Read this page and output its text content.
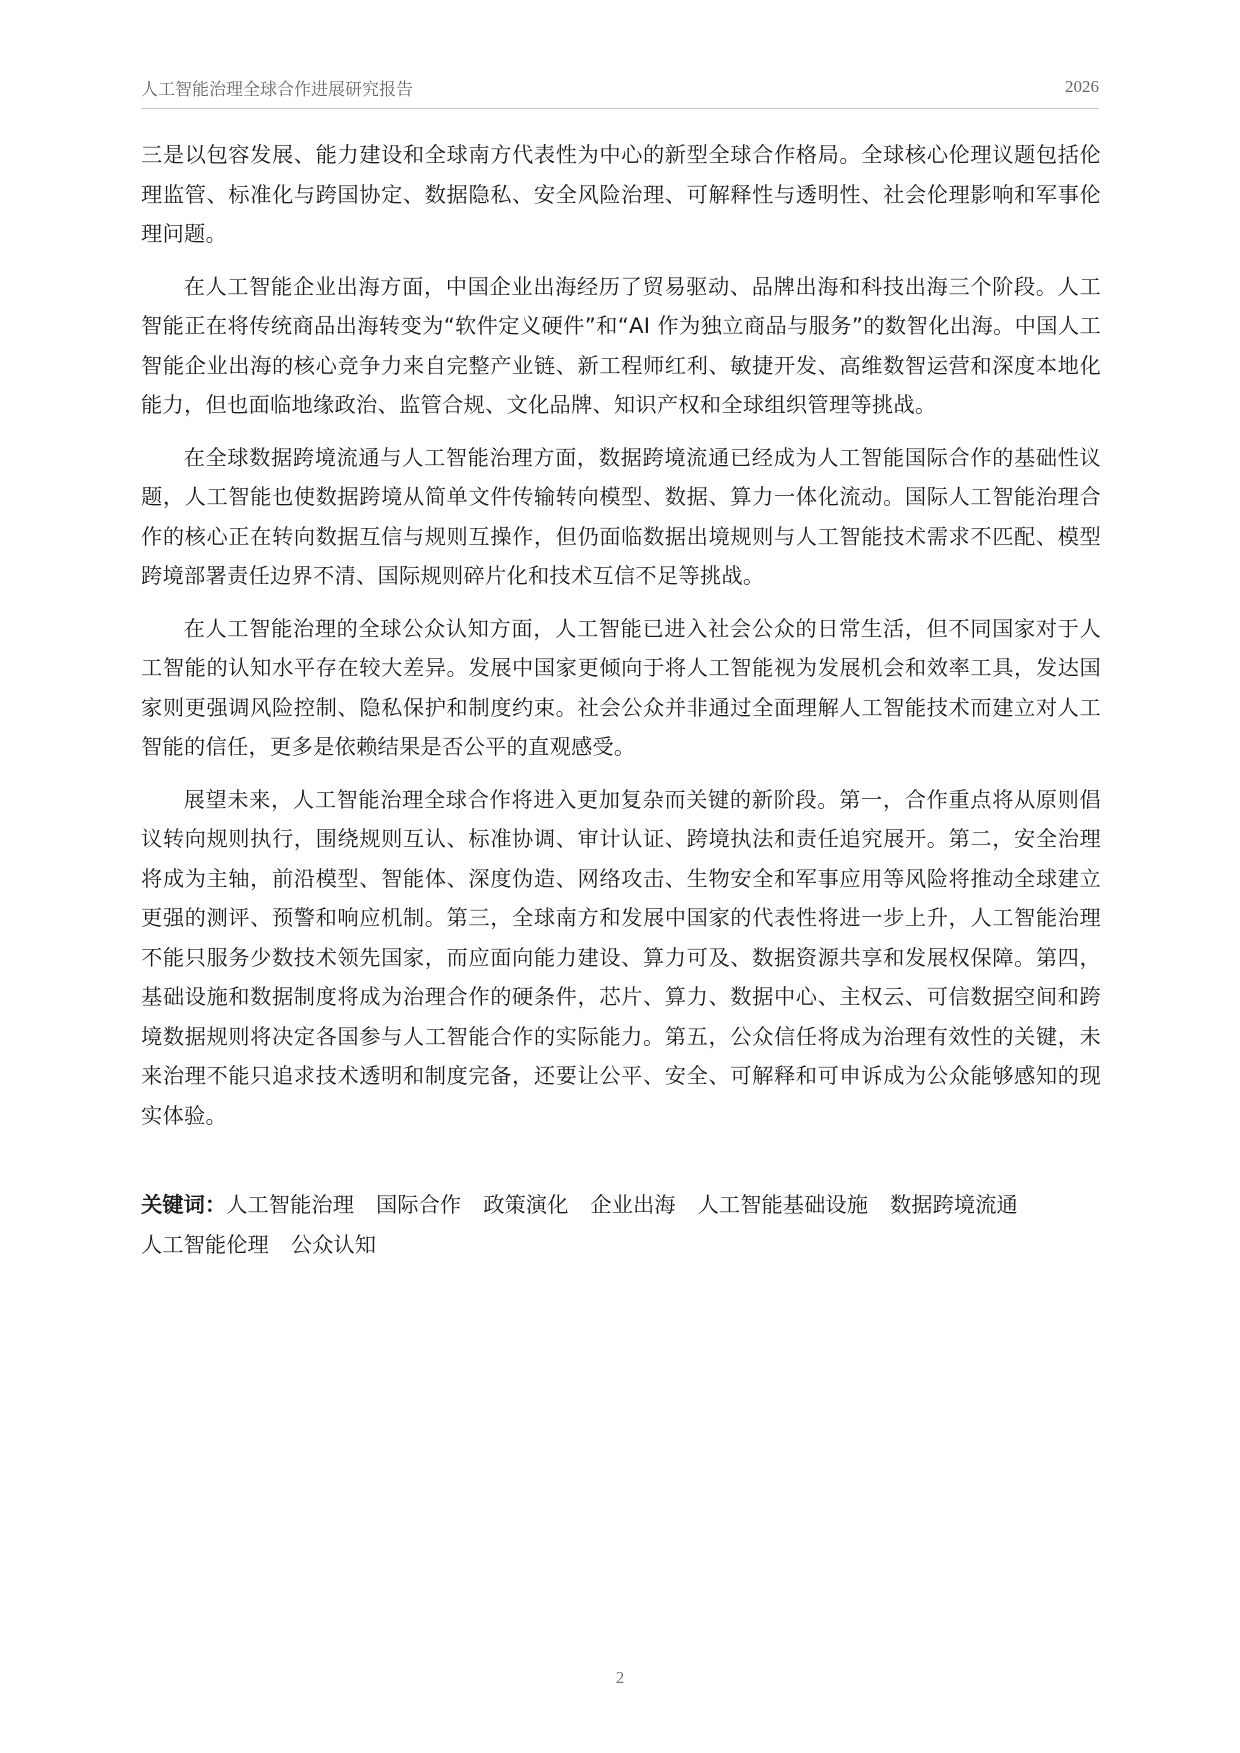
人工智能治理全球合作进展研究报告	2026

三是以包容发展、能力建设和全球南方代表性为中心的新型全球合作格局。全球核心伦理议题包括伦理监管、标准化与跨国协定、数据隐私、安全风险治理、可解释性与透明性、社会伦理影响和军事伦理问题。

在人工智能企业出海方面，中国企业出海经历了贸易驱动、品牌出海和科技出海三个阶段。人工智能正在将传统商品出海转变为“软件定义硬件”和“AI 作为独立商品与服务”的数智化出海。中国人工智能企业出海的核心竞争力来自完整产业链、新工程师红利、敏捷开发、高维数智运营和深度本地化能力，但也面临地缘政治、监管合规、文化品牌、知识产权和全球组织管理等挑战。

在全球数据跨境流通与人工智能治理方面，数据跨境流通已经成为人工智能国际合作的基础性议题，人工智能也使数据跨境从简单文件传输转向模型、数据、算力一体化流动。国际人工智能治理合作的核心正在转向数据互信与规则互操作，但仍面临数据出境规则与人工智能技术需求不匹配、模型跨境部署责任边界不清、国际规则碎片化和技术互信不足等挑战。

在人工智能治理的全球公众认知方面，人工智能已进入社会公众的日常生活，但不同国家对于人工智能的认知水平存在较大差异。发展中国家更倾向于将人工智能视为发展机会和效率工具，发达国家则更强调风险控制、隐私保护和制度约束。社会公众并非通过全面理解人工智能技术而建立对人工智能的信任，更多是依赖结果是否公平的直观感受。

展望未来，人工智能治理全球合作将进入更加复杂而关键的新阶段。第一，合作重点将从原则倡议转向规则执行，围绕规则互认、标准协调、审计认证、跨境执法和责任追究展开。第二，安全治理将成为主轴，前沿模型、智能体、深度伪造、网络攻击、生物安全和军事应用等风险将推动全球建立更强的测评、预警和响应机制。第三，全球南方和发展中国家的代表性将进一步上升，人工智能治理不能只服务少数技术领先国家，而应面向能力建设、算力可及、数据资源共享和发展权保障。第四，基础设施和数据制度将成为治理合作的硬条件，芯片、算力、数据中心、主权云、可信数据空间和跨境数据规则将决定各国参与人工智能合作的实际能力。第五，公众信任将成为治理有效性的关键，未来治理不能只追求技术透明和制度完备，还要让公平、安全、可解释和可申诉成为公众能够感知的现实体验。

关键词：人工智能治理 国际合作 政策演化 企业出海 人工智能基础设施 数据跨境流通
人工智能伦理 公众认知
2
